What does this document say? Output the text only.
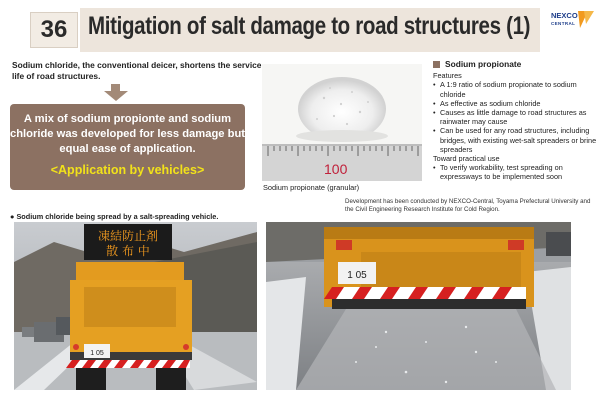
36 Mitigation of salt damage to road structures (1)	NEXCO
CENTRAL
Sodium chloride, the conventional deicer, shortens the service life of road structures.
A mix of sodium propionte and sodium chloride was developed for less damage but equal ease of application.
<Application by vehicles>	100
Sodium propionate (granular)
Sodium propionate
Features
• A 1:9 ratio of sodium propionate to sodium chloride
• As effective as sodium chloride
• Causes as little damage to road structures as rainwater may cause
• Can be used for any road structures, including bridges, with existing wet-salt spreaders or brine spreaders
Toward practical use
• To verify workability, test spreading on expressways to be implemented soon
Development has been conducted by NEXCO-Central, Toyama Prefectural University and the Civil Engineering Research Institute for Cold Region.
● Sodium chloride being spread by a salt-spreading vehicle.
凍結防止剤
散 布 中
1 05
1 05
